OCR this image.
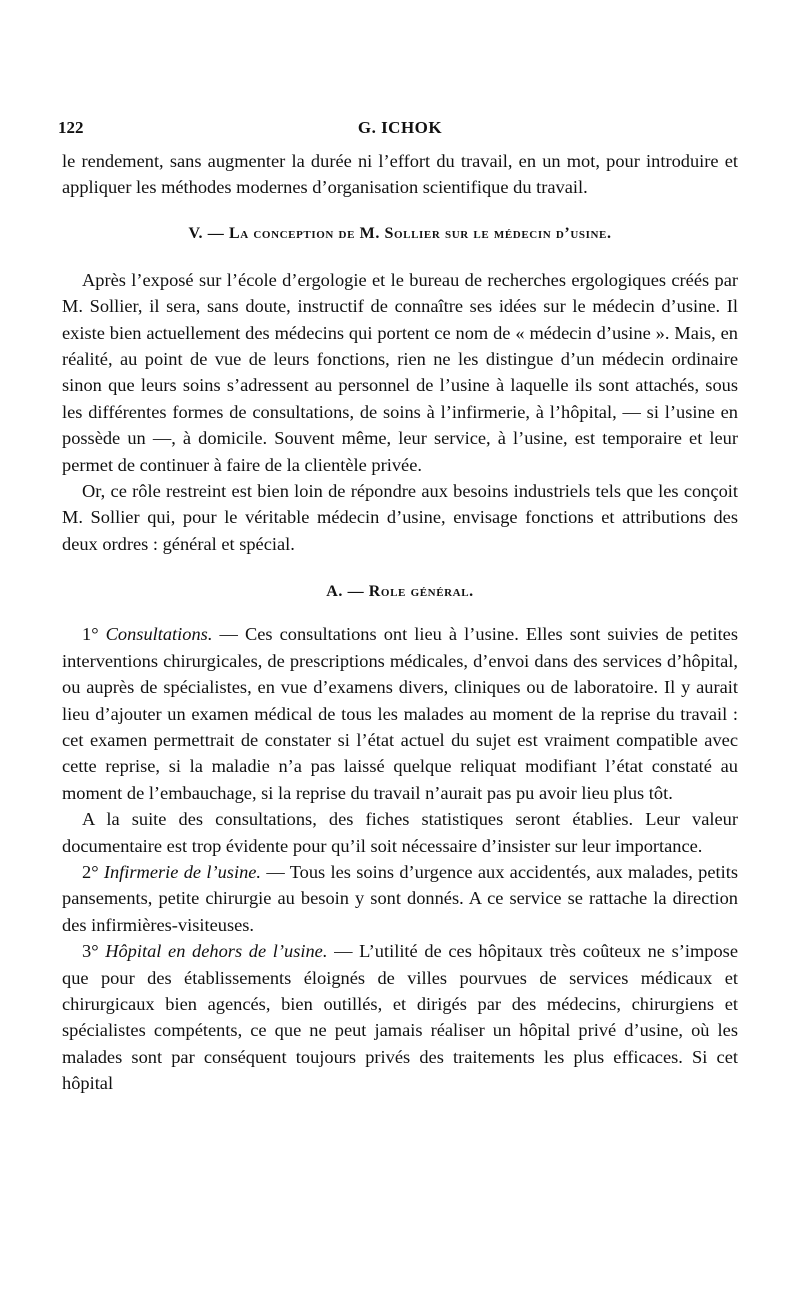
122	G. ICHOK

le rendement, sans augmenter la durée ni l’effort du travail, en un mot, pour introduire et appliquer les méthodes modernes d’organisation scientifique du travail.

V. — La conception de M. Sollier sur le médecin d’usine.

Après l’exposé sur l’école d’ergologie et le bureau de recherches ergologiques créés par M. Sollier, il sera, sans doute, instructif de connaître ses idées sur le médecin d’usine. Il existe bien actuellement des médecins qui portent ce nom de « médecin d’usine ». Mais, en réalité, au point de vue de leurs fonctions, rien ne les distingue d’un médecin ordinaire sinon que leurs soins s’adressent au personnel de l’usine à laquelle ils sont attachés, sous les différentes formes de consultations, de soins à l’infirmerie, à l’hôpital, — si l’usine en possède un —, à domicile. Souvent même, leur service, à l’usine, est temporaire et leur permet de continuer à faire de la clientèle privée.

Or, ce rôle restreint est bien loin de répondre aux besoins industriels tels que les conçoit M. Sollier qui, pour le véritable médecin d’usine, envisage fonctions et attributions des deux ordres : général et spécial.

A. — Role général.

1° Consultations. — Ces consultations ont lieu à l’usine. Elles sont suivies de petites interventions chirurgicales, de prescriptions médicales, d’envoi dans des services d’hôpital, ou auprès de spécialistes, en vue d’examens divers, cliniques ou de laboratoire. Il y aurait lieu d’ajouter un examen médical de tous les malades au moment de la reprise du travail : cet examen permettrait de constater si l’état actuel du sujet est vraiment compatible avec cette reprise, si la maladie n’a pas laissé quelque reliquat modifiant l’état constaté au moment de l’embauchage, si la reprise du travail n’aurait pas pu avoir lieu plus tôt.

A la suite des consultations, des fiches statistiques seront établies. Leur valeur documentaire est trop évidente pour qu’il soit nécessaire d’insister sur leur importance.

2° Infirmerie de l’usine. — Tous les soins d’urgence aux accidentés, aux malades, petits pansements, petite chirurgie au besoin y sont donnés. A ce service se rattache la direction des infirmières-visiteuses.

3° Hôpital en dehors de l’usine. — L’utilité de ces hôpitaux très coûteux ne s’impose que pour des établissements éloignés de villes pourvues de services médicaux et chirurgicaux bien agencés, bien outillés, et dirigés par des médecins, chirurgiens et spécialistes compétents, ce que ne peut jamais réaliser un hôpital privé d’usine, où les malades sont par conséquent toujours privés des traitements les plus efficaces. Si cet hôpital
